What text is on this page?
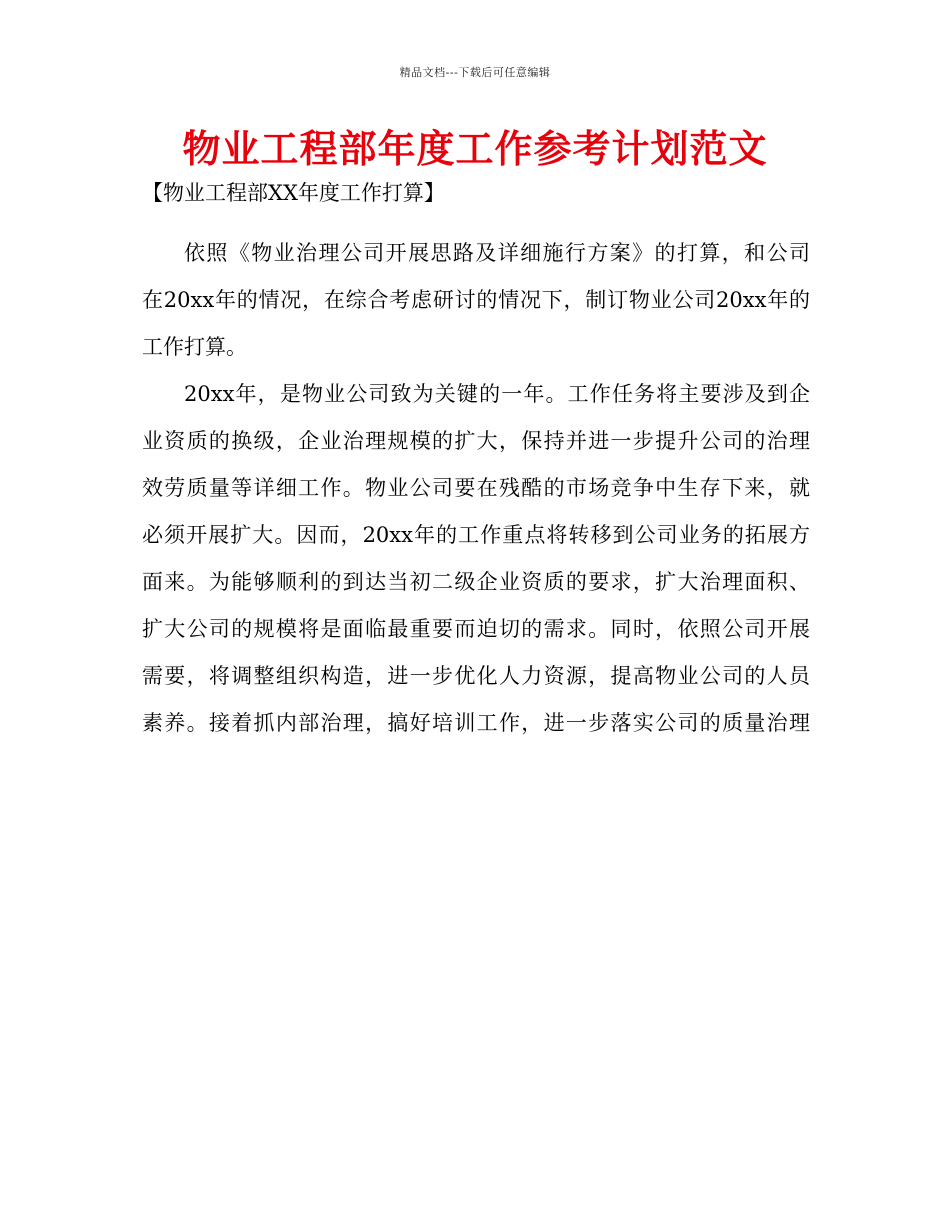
精品文档---下载后可任意编辑
物业工程部年度工作参考计划范文
【物业工程部XX年度工作打算】

依照《物业治理公司开展思路及详细施行方案》的打算，和公司
在20xx年的情况，在综合考虑研讨的情况下，制订物业公司20xx年的
工作打算。

20xx年，是物业公司致为关键的一年。工作任务将主要涉及到企
业资质的换级，企业治理规模的扩大，保持并进一步提升公司的治理
效劳质量等详细工作。物业公司要在残酷的市场竞争中生存下来，就
必须开展扩大。因而，20xx年的工作重点将转移到公司业务的拓展方
面来。为能够顺利的到达当初二级企业资质的要求，扩大治理面积、
扩大公司的规模将是面临最重要而迫切的需求。同时，依照公司开展
需要，将调整组织构造，进一步优化人力资源，提高物业公司的人员
素养。接着抓内部治理，搞好培训工作，进一步落实公司的质量治理
